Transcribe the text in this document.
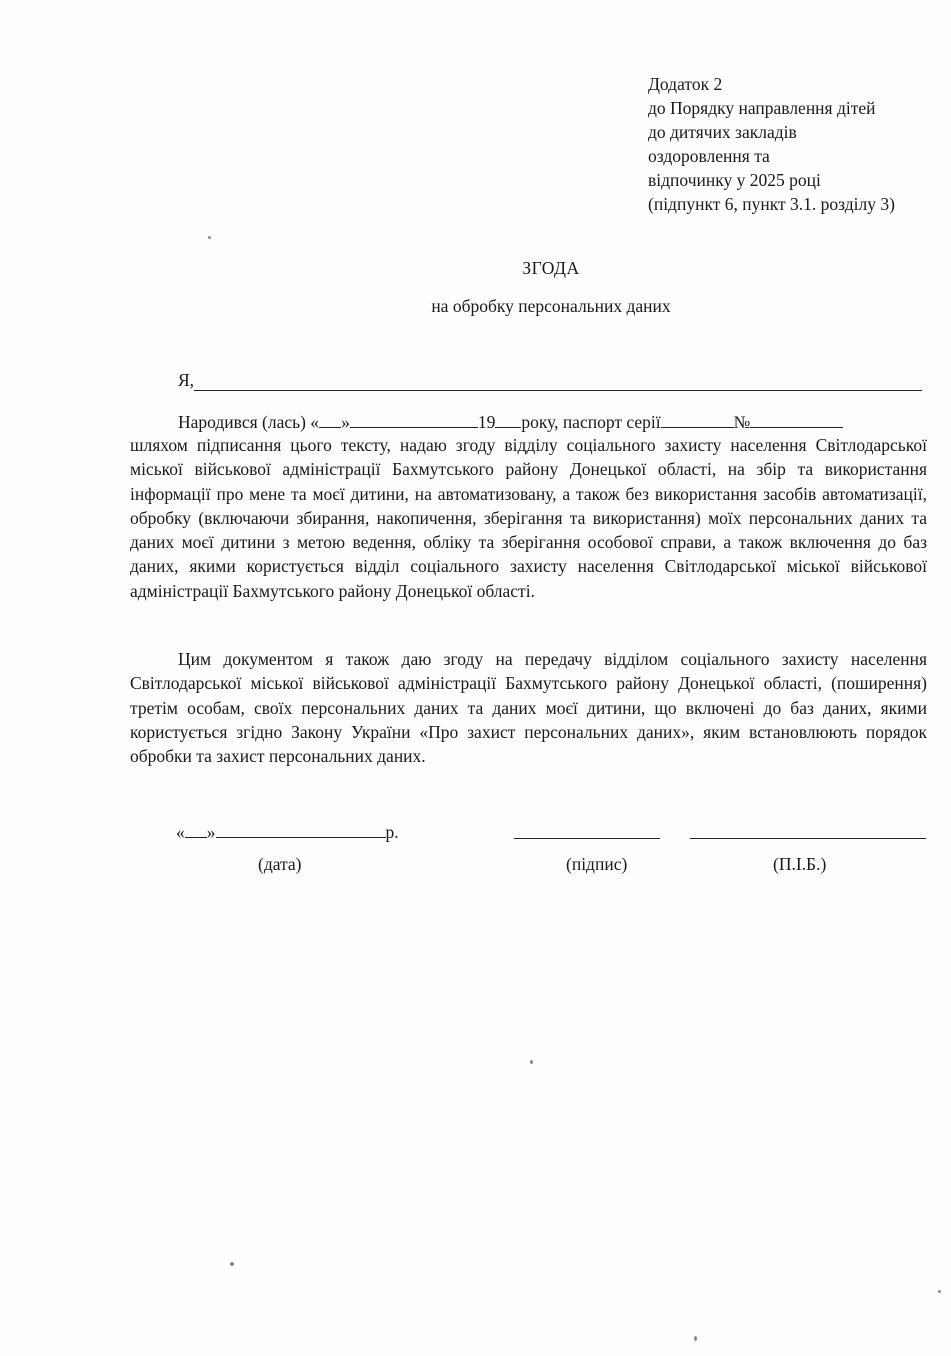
Додаток 2
до Порядку направлення дітей
до дитячих закладів
оздоровлення та
відпочинку у 2025 році
(підпункт 6, пункт 3.1. розділу 3)
ЗГОДА
на обробку персональних даних
Я,
Народився (лась) « »	19 року, паспорт серії	№
шляхом підписання цього тексту, надаю згоду відділу соціального захисту населення Світлодарської міської військової адміністрації Бахмутського району Донецької області, на збір та використання інформації про мене та моєї дитини, на автоматизовану, а також без використання засобів автоматизації, обробку (включаючи збирання, накопичення, зберігання та використання) моїх персональних даних та даних моєї дитини з метою ведення, обліку та зберігання особової справи, а також включення до баз даних, якими користується відділ соціального захисту населення Світлодарської міської військової адміністрації Бахмутського району Донецької області.
Цим документом я також даю згоду на передачу відділом соціального захисту населення Світлодарської міської військової адміністрації Бахмутського району Донецької області, (поширення) третім особам, своїх персональних даних та даних моєї дитини, що включені до баз даних, якими користується згідно Закону України «Про захист персональних даних», яким встановлюють порядок обробки та захист персональних даних.
« »	р.
(дата)	(підпис)	(П.І.Б.)
